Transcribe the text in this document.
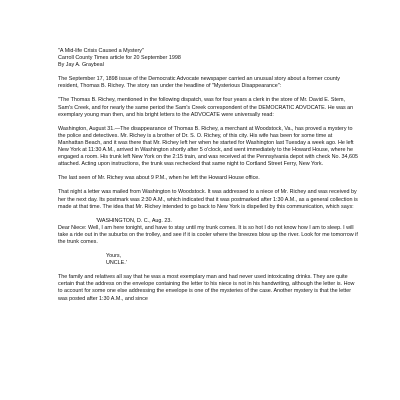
"A Mid-life Crisis Caused a Mystery"

Carroll County Times article for 20 September 1998

By Jay A. Graybeal

The September 17, 1898 issue of the Democratic Advocate newspaper carried an unusual story about a former county resident, Thomas B. Richey. The story ran under the headline of "Mysterious Disappearance":

"The Thomas B. Richey, mentioned in the following dispatch, was for four years a clerk in the store of Mr. David E. Stem, Sam's Creek, and for nearly the same period the Sam's Creek correspondent of the DEMOCRATIC ADVOCATE. He was an exemplary young man then, and his bright letters to the ADVOCATE were universally read:

Washington, August 31.—The disappearance of Thomas B. Richey, a merchant at Woodstock, Va., has proved a mystery to the police and detectives. Mr. Richey is a brother of Dr. S. O. Richey, of this city. His wife has been for some time at Manhattan Beach, and it was there that Mr. Richey left her when he started for Washington last Tuesday a week ago. He left New York at 11:30 A.M., arrived in Washington shortly after 5 o'clock, and went immediately to the Howard House, where he engaged a room. His trunk left New York on the 2:15 train, and was received at the Pennsylvania depot with check No. 34,605 attached. Acting upon instructions, the trunk was rechecked that same night to Cortland Street Ferry, New York.

The last seen of Mr. Richey was about 9 P.M., when he left the Howard House office.

That night a letter was mailed from Washington to Woodstock. It was addressed to a niece of Mr. Richey and was received by her the next day. Its postmark was 2:30 A.M., which indicated that it was postmarked after 1:30 A.M., as a general collection is made at that time. The idea that Mr. Richey intended to go back to New York is dispelled by this communication, which says:

'WASHINGTON, D. C., Aug. 23.

Dear Niece: Well, I am here tonight, and have to stay until my trunk comes. It is so hot I do not know how I am to sleep. I will take a ride out in the suburbs on the trolley, and see if it is cooler where the breezes blow up the river. Look for me tomorrow if the trunk comes.

Yours,

UNCLE.'

The family and relatives all say that he was a most exemplary man and had never used intoxicating drinks. They are quite certain that the address on the envelope containing the letter to his niece is not in his handwriting, although the letter is. How to account for some one else addressing the envelope is one of the mysteries of the case. Another mystery is that the letter was posted after 1:30 A.M., and since
